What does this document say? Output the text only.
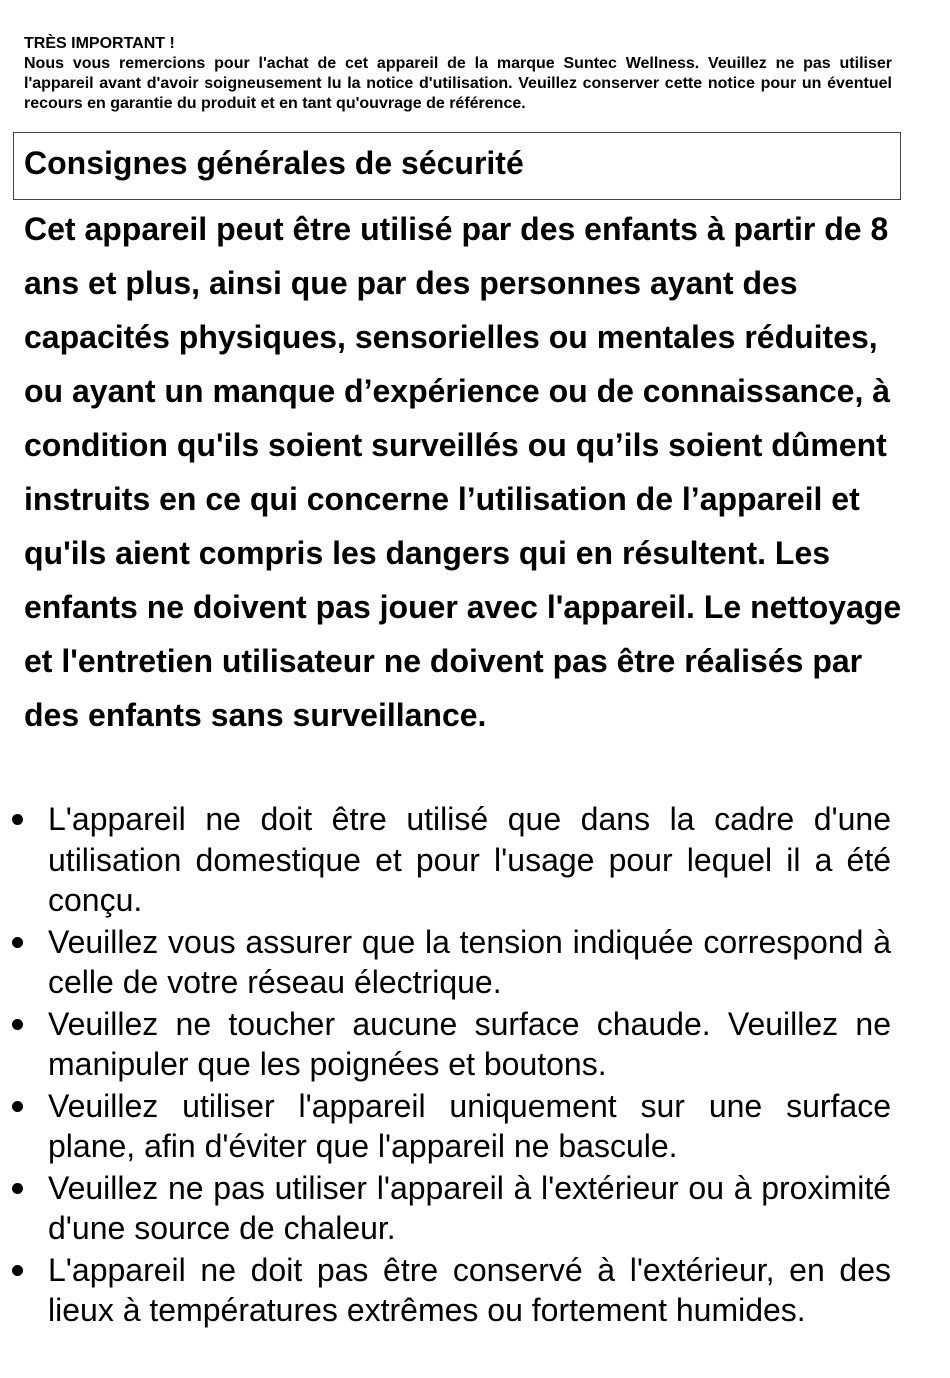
TRÈS IMPORTANT !
Nous vous remercions pour l'achat de cet appareil de la marque Suntec Wellness. Veuillez ne pas utiliser l'appareil avant d'avoir soigneusement lu la notice d'utilisation. Veuillez conserver cette notice pour un éventuel recours en garantie du produit et en tant qu'ouvrage de référence.
Consignes générales de sécurité
Cet appareil peut être utilisé par des enfants à partir de 8 ans et plus, ainsi que par des personnes ayant des capacités physiques, sensorielles ou mentales réduites, ou ayant un manque d’expérience ou de connaissance, à condition qu'ils soient surveillés ou qu’ils soient dûment instruits en ce qui concerne l’utilisation de l’appareil et qu'ils aient compris les dangers qui en résultent. Les enfants ne doivent pas jouer avec l'appareil. Le nettoyage et l'entretien utilisateur ne doivent pas être réalisés par des enfants sans surveillance.
L'appareil ne doit être utilisé que dans la cadre d'une utilisation domestique et pour l'usage pour lequel il a été conçu.
Veuillez vous assurer que la tension indiquée correspond à celle de votre réseau électrique.
Veuillez ne toucher aucune surface chaude. Veuillez ne manipuler que les poignées et boutons.
Veuillez utiliser l'appareil uniquement sur une surface plane, afin d'éviter que l'appareil ne bascule.
Veuillez ne pas utiliser l'appareil à l'extérieur ou à proximité d'une source de chaleur.
L'appareil ne doit pas être conservé à l'extérieur, en des lieux à températures extrêmes ou fortement humides.
